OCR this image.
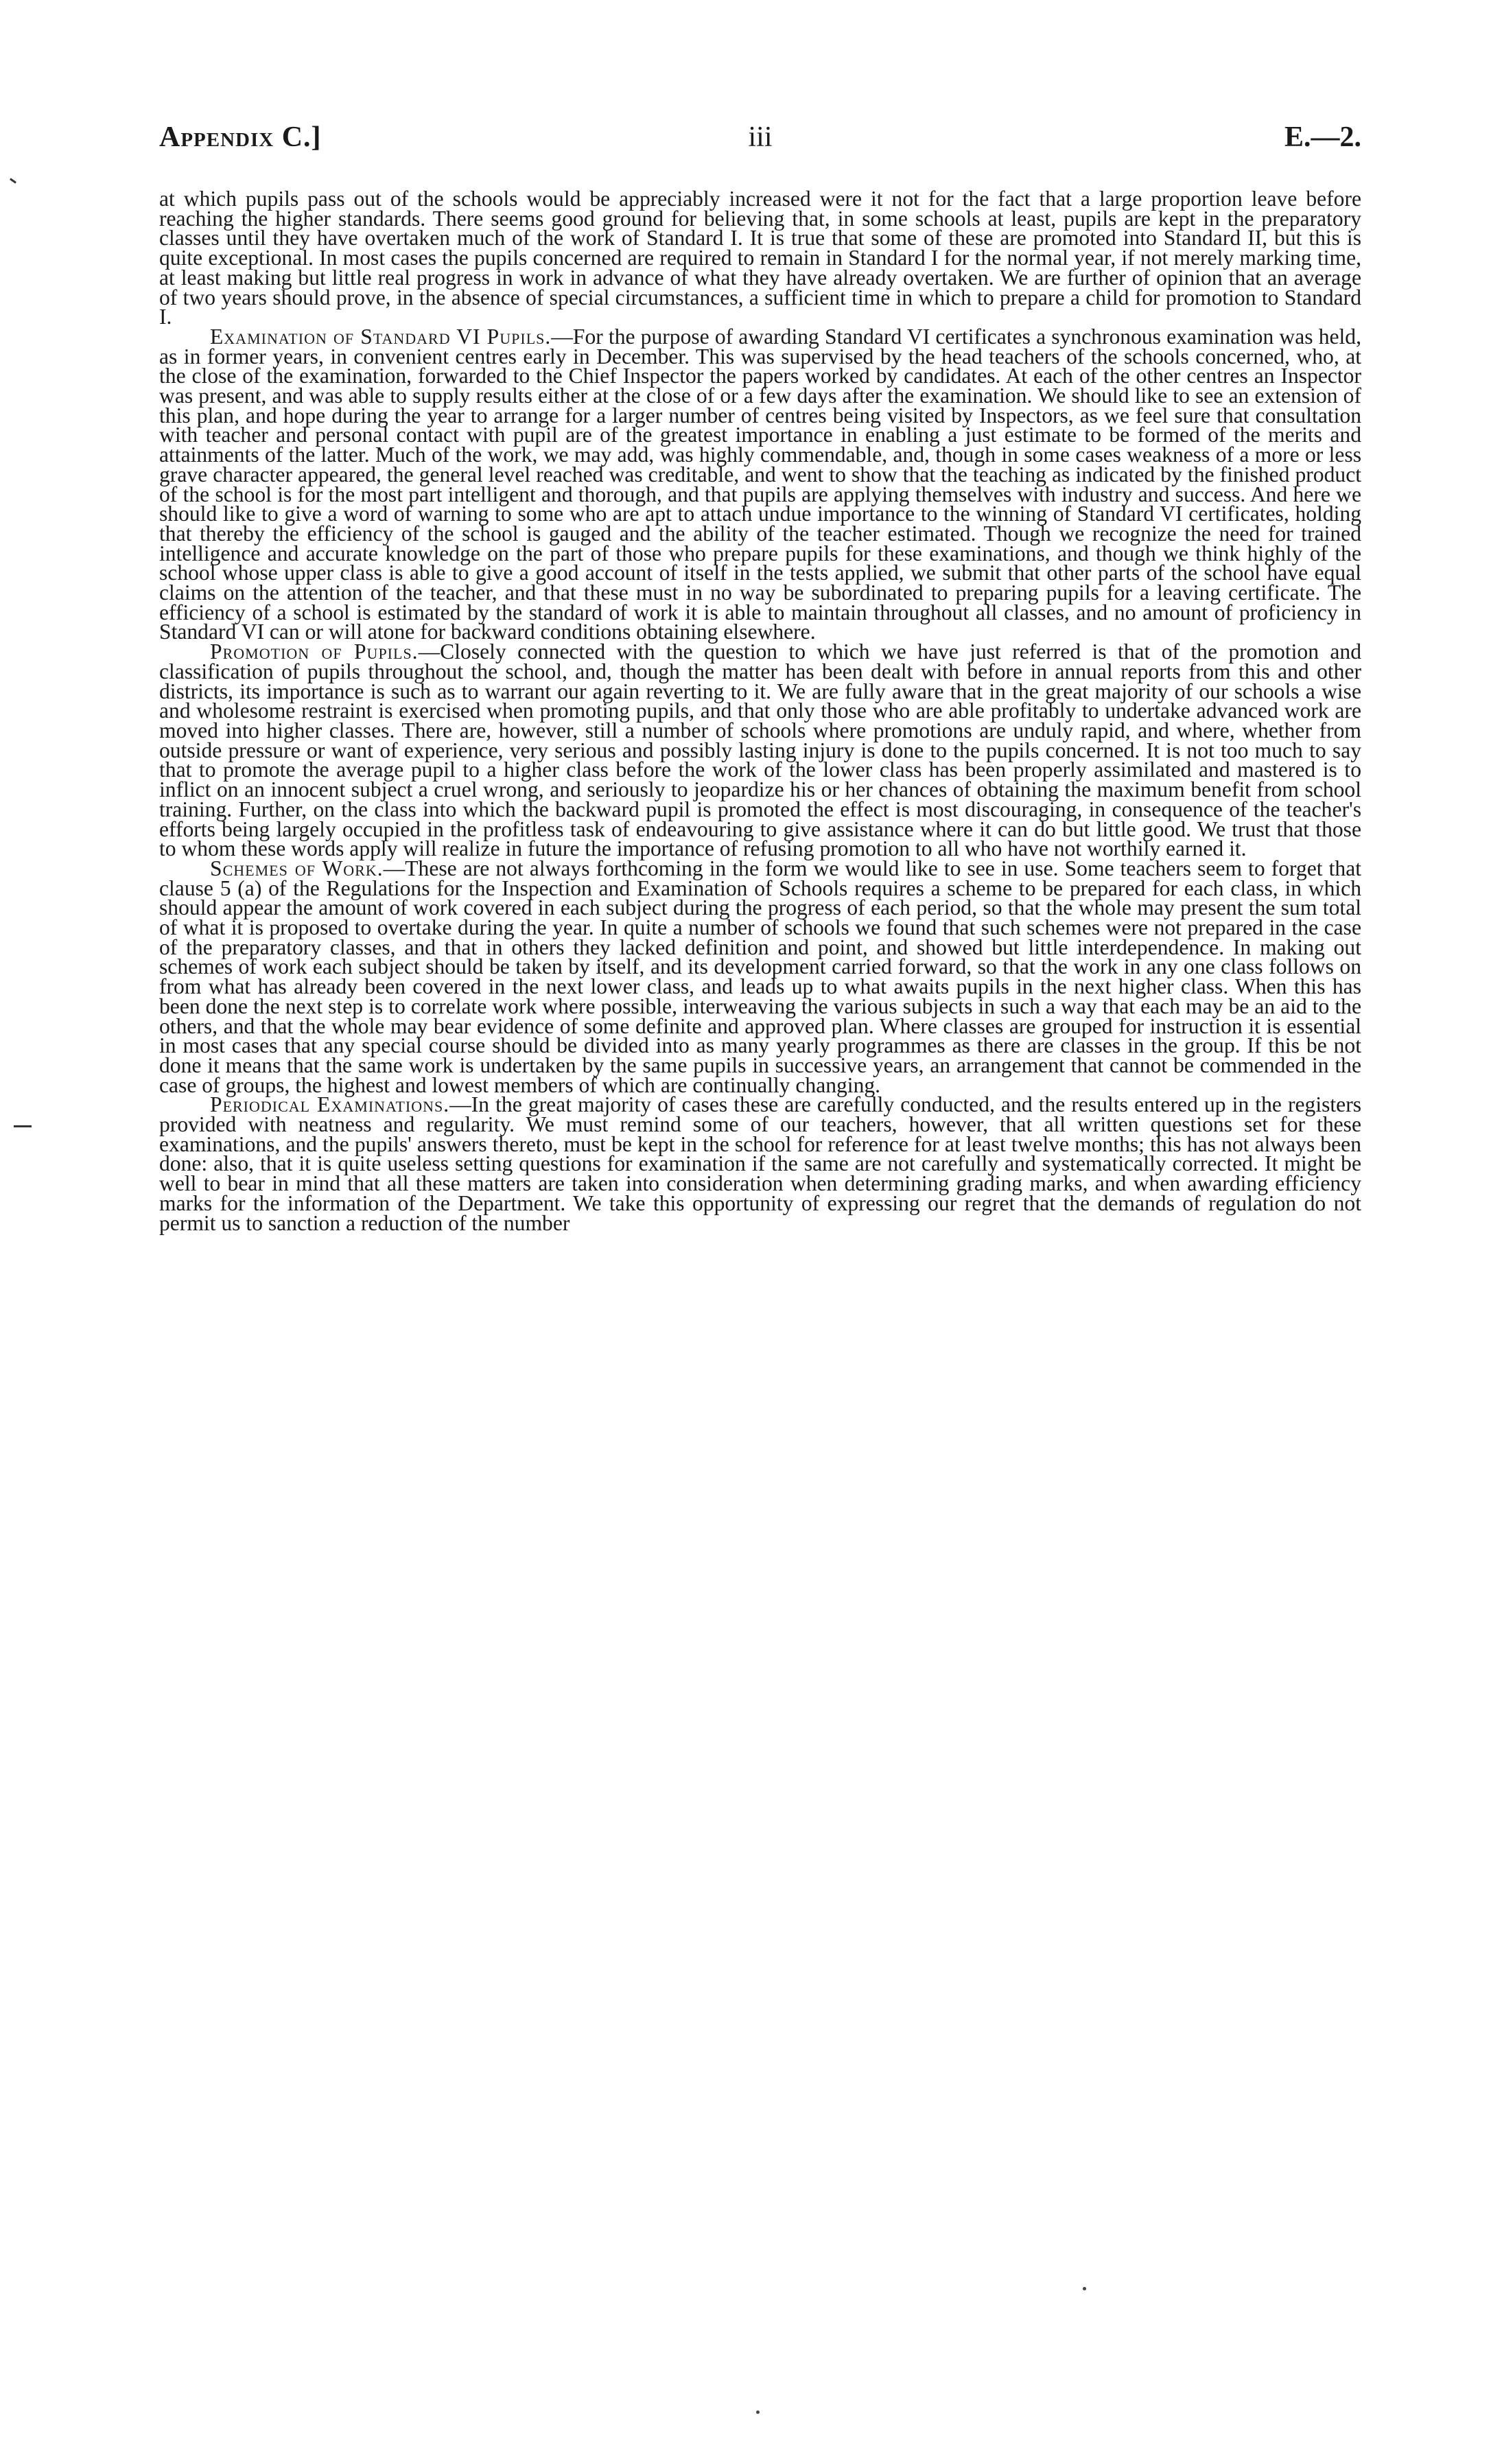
Appendix C.]	iii	E.—2.

at which pupils pass out of the schools would be appreciably increased were it not for the fact that a large proportion leave before reaching the higher standards. There seems good ground for believing that, in some schools at least, pupils are kept in the preparatory classes until they have overtaken much of the work of Standard I. It is true that some of these are promoted into Standard II, but this is quite exceptional. In most cases the pupils concerned are required to remain in Standard I for the normal year, if not merely marking time, at least making but little real progress in work in advance of what they have already overtaken. We are further of opinion that an average of two years should prove, in the absence of special circumstances, a sufficient time in which to prepare a child for promotion to Standard I.

Examination of Standard VI Pupils.—For the purpose of awarding Standard VI certificates a synchronous examination was held, as in former years, in convenient centres early in December. This was supervised by the head teachers of the schools concerned, who, at the close of the examination, forwarded to the Chief Inspector the papers worked by candidates. At each of the other centres an Inspector was present, and was able to supply results either at the close of or a few days after the examination. We should like to see an extension of this plan, and hope during the year to arrange for a larger number of centres being visited by Inspectors, as we feel sure that consultation with teacher and personal contact with pupil are of the greatest importance in enabling a just estimate to be formed of the merits and attainments of the latter. Much of the work, we may add, was highly commendable, and, though in some cases weakness of a more or less grave character appeared, the general level reached was creditable, and went to show that the teaching as indicated by the finished product of the school is for the most part intelligent and thorough, and that pupils are applying themselves with industry and success. And here we should like to give a word of warning to some who are apt to attach undue importance to the winning of Standard VI certificates, holding that thereby the efficiency of the school is gauged and the ability of the teacher estimated. Though we recognize the need for trained intelligence and accurate knowledge on the part of those who prepare pupils for these examinations, and though we think highly of the school whose upper class is able to give a good account of itself in the tests applied, we submit that other parts of the school have equal claims on the attention of the teacher, and that these must in no way be subordinated to preparing pupils for a leaving certificate. The efficiency of a school is estimated by the standard of work it is able to maintain throughout all classes, and no amount of proficiency in Standard VI can or will atone for backward conditions obtaining elsewhere.

Promotion of Pupils.—Closely connected with the question to which we have just referred is that of the promotion and classification of pupils throughout the school, and, though the matter has been dealt with before in annual reports from this and other districts, its importance is such as to warrant our again reverting to it. We are fully aware that in the great majority of our schools a wise and wholesome restraint is exercised when promoting pupils, and that only those who are able profitably to undertake advanced work are moved into higher classes. There are, however, still a number of schools where promotions are unduly rapid, and where, whether from outside pressure or want of experience, very serious and possibly lasting injury is done to the pupils concerned. It is not too much to say that to promote the average pupil to a higher class before the work of the lower class has been properly assimilated and mastered is to inflict on an innocent subject a cruel wrong, and seriously to jeopardize his or her chances of obtaining the maximum benefit from school training. Further, on the class into which the backward pupil is promoted the effect is most discouraging, in consequence of the teacher's efforts being largely occupied in the profitless task of endeavouring to give assistance where it can do but little good. We trust that those to whom these words apply will realize in future the importance of refusing promotion to all who have not worthily earned it.

Schemes of Work.—These are not always forthcoming in the form we would like to see in use. Some teachers seem to forget that clause 5 (a) of the Regulations for the Inspection and Examination of Schools requires a scheme to be prepared for each class, in which should appear the amount of work covered in each subject during the progress of each period, so that the whole may present the sum total of what it is proposed to overtake during the year. In quite a number of schools we found that such schemes were not prepared in the case of the preparatory classes, and that in others they lacked definition and point, and showed but little interdependence. In making out schemes of work each subject should be taken by itself, and its development carried forward, so that the work in any one class follows on from what has already been covered in the next lower class, and leads up to what awaits pupils in the next higher class. When this has been done the next step is to correlate work where possible, interweaving the various subjects in such a way that each may be an aid to the others, and that the whole may bear evidence of some definite and approved plan. Where classes are grouped for instruction it is essential in most cases that any special course should be divided into as many yearly programmes as there are classes in the group. If this be not done it means that the same work is undertaken by the same pupils in successive years, an arrangement that cannot be commended in the case of groups, the highest and lowest members of which are continually changing.

Periodical Examinations.—In the great majority of cases these are carefully conducted, and the results entered up in the registers provided with neatness and regularity. We must remind some of our teachers, however, that all written questions set for these examinations, and the pupils' answers thereto, must be kept in the school for reference for at least twelve months; this has not always been done: also, that it is quite useless setting questions for examination if the same are not carefully and systematically corrected. It might be well to bear in mind that all these matters are taken into consideration when determining grading marks, and when awarding efficiency marks for the information of the Department. We take this opportunity of expressing our regret that the demands of regulation do not permit us to sanction a reduction of the number
